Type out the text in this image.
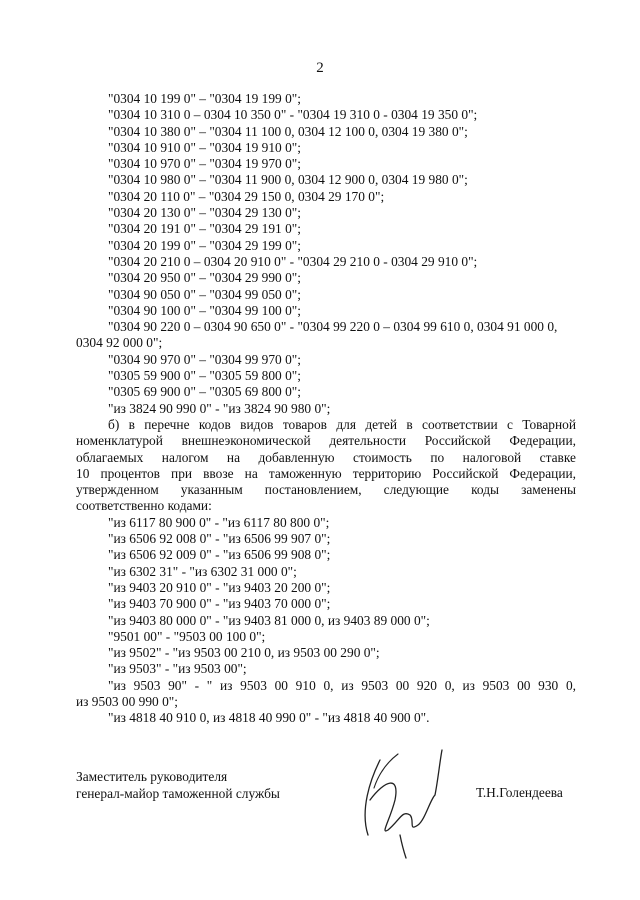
2
"0304 10 199 0" – "0304 19 199 0";
"0304 10 310 0 – 0304 10 350 0" - "0304 19 310 0 - 0304 19 350 0";
"0304 10 380 0" – "0304 11 100 0, 0304 12 100 0, 0304 19 380 0";
"0304 10 910 0" – "0304 19 910 0";
"0304 10 970 0" – "0304 19 970 0";
"0304 10 980 0" – "0304 11 900 0, 0304 12 900 0, 0304 19 980 0";
"0304 20 110 0" – "0304 29 150 0, 0304 29 170 0";
"0304 20 130 0" – "0304 29 130 0";
"0304 20 191 0" – "0304 29 191 0";
"0304 20 199 0" – "0304 29 199 0";
"0304 20 210 0 – 0304 20 910 0" - "0304 29 210 0 - 0304 29 910 0";
"0304 20 950 0" – "0304 29 990 0";
"0304 90 050 0" – "0304 99 050 0";
"0304 90 100 0" – "0304 99 100 0";
"0304 90 220 0 – 0304 90 650 0" - "0304 99 220 0 – 0304 99 610 0, 0304 91 000 0,
0304 92 000 0";
"0304 90 970 0" – "0304 99 970 0";
"0305 59 900 0" – "0305 59 800 0";
"0305 69 900 0" – "0305 69 800 0";
"из 3824 90 990 0" - "из 3824 90 980 0";
б) в перечне кодов видов товаров для детей в соответствии с Товарной
номенклатурой внешнеэкономической деятельности Российской Федерации,
облагаемых налогом на добавленную стоимость по налоговой ставке
10 процентов при ввозе на таможенную территорию Российской Федерации,
утвержденном указанным постановлением, следующие коды заменены
соответственно кодами:
"из 6117 80 900 0" - "из 6117 80 800 0";
"из 6506 92 008 0" - "из 6506 99 907 0";
"из 6506 92 009 0" - "из 6506 99 908 0";
"из 6302 31" - "из 6302 31 000 0";
"из 9403 20 910 0" - "из 9403 20 200 0";
"из 9403 70 900 0" - "из 9403 70 000 0";
"из 9403 80 000 0" - "из 9403 81 000 0, из 9403 89 000 0";
"9501 00" - "9503 00 100 0";
"из 9502" - "из 9503 00 210 0, из 9503 00 290 0";
"из 9503" - "из 9503 00";
"из 9503 90" - " из 9503 00 910 0, из 9503 00 920 0, из 9503 00 930 0,
из 9503 00 990 0";
"из 4818 40 910 0, из 4818 40 990 0" - "из 4818 40 900 0".
Заместитель руководителя
генерал-майор таможенной службы	Т.Н.Голендеева
